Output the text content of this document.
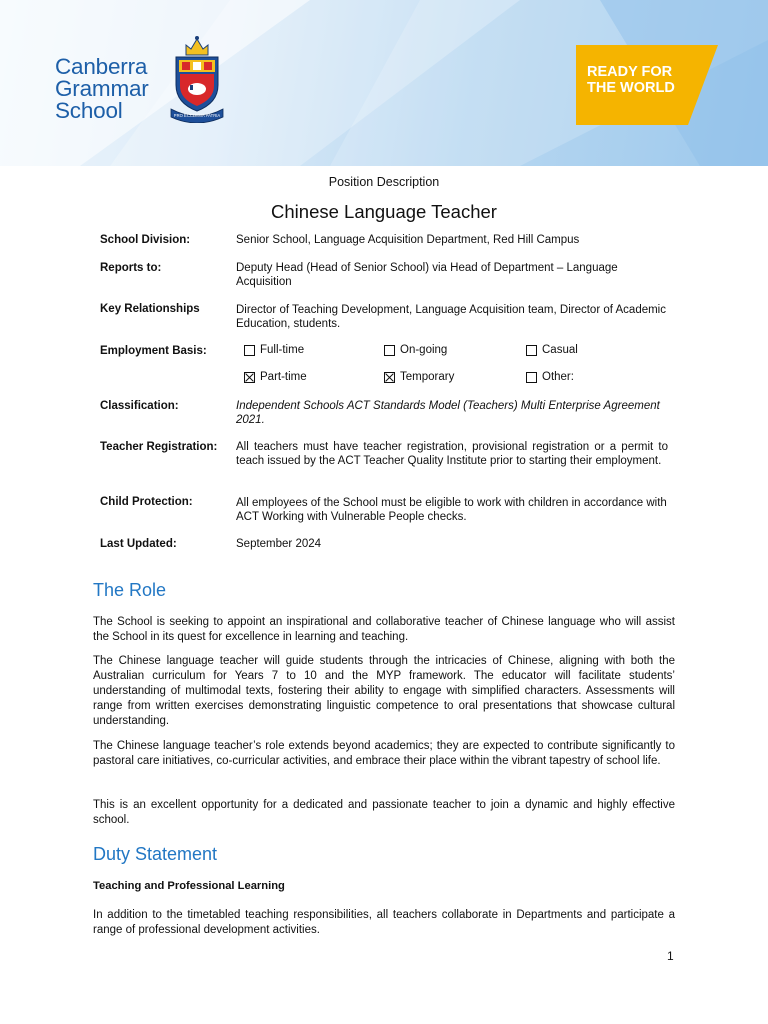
Canberra
Grammar
School	PRO ECCLESIA PATRIA
READY FOR
THE WORLD
Position Description
Chinese Language Teacher
School Division:	Senior School, Language Acquisition Department, Red Hill Campus
Reports to:	Deputy Head (Head of Senior School) via Head of Department – Language Acquisition
Key Relationships	Director of Teaching Development, Language Acquisition team, Director of Academic Education, students.
Employment Basis:	Full-time	On-going	Casual
Part-time	Temporary	Other:
Classification:	Independent Schools ACT Standards Model (Teachers) Multi Enterprise Agreement 2021.
Teacher Registration: All teachers must have teacher registration, provisional registration or a permit to teach issued by the ACT Teacher Quality Institute prior to starting their employment.
Child Protection:	All employees of the School must be eligible to work with children in accordance with ACT Working with Vulnerable People checks.
Last Updated:	September 2024
The Role
The School is seeking to appoint an inspirational and collaborative teacher of Chinese language who will assist the School in its quest for excellence in learning and teaching.
The Chinese language teacher will guide students through the intricacies of Chinese, aligning with both the Australian curriculum for Years 7 to 10 and the MYP framework. The educator will facilitate students’ understanding of multimodal texts, fostering their ability to engage with simplified characters. Assessments will range from written exercises demonstrating linguistic competence to oral presentations that showcase cultural understanding.
The Chinese language teacher’s role extends beyond academics; they are expected to contribute significantly to pastoral care initiatives, co-curricular activities, and embrace their place within the vibrant tapestry of school life.
This is an excellent opportunity for a dedicated and passionate teacher to join a dynamic and highly effective school.
Duty Statement
Teaching and Professional Learning
In addition to the timetabled teaching responsibilities, all teachers collaborate in Departments and participate a range of professional development activities.
1
